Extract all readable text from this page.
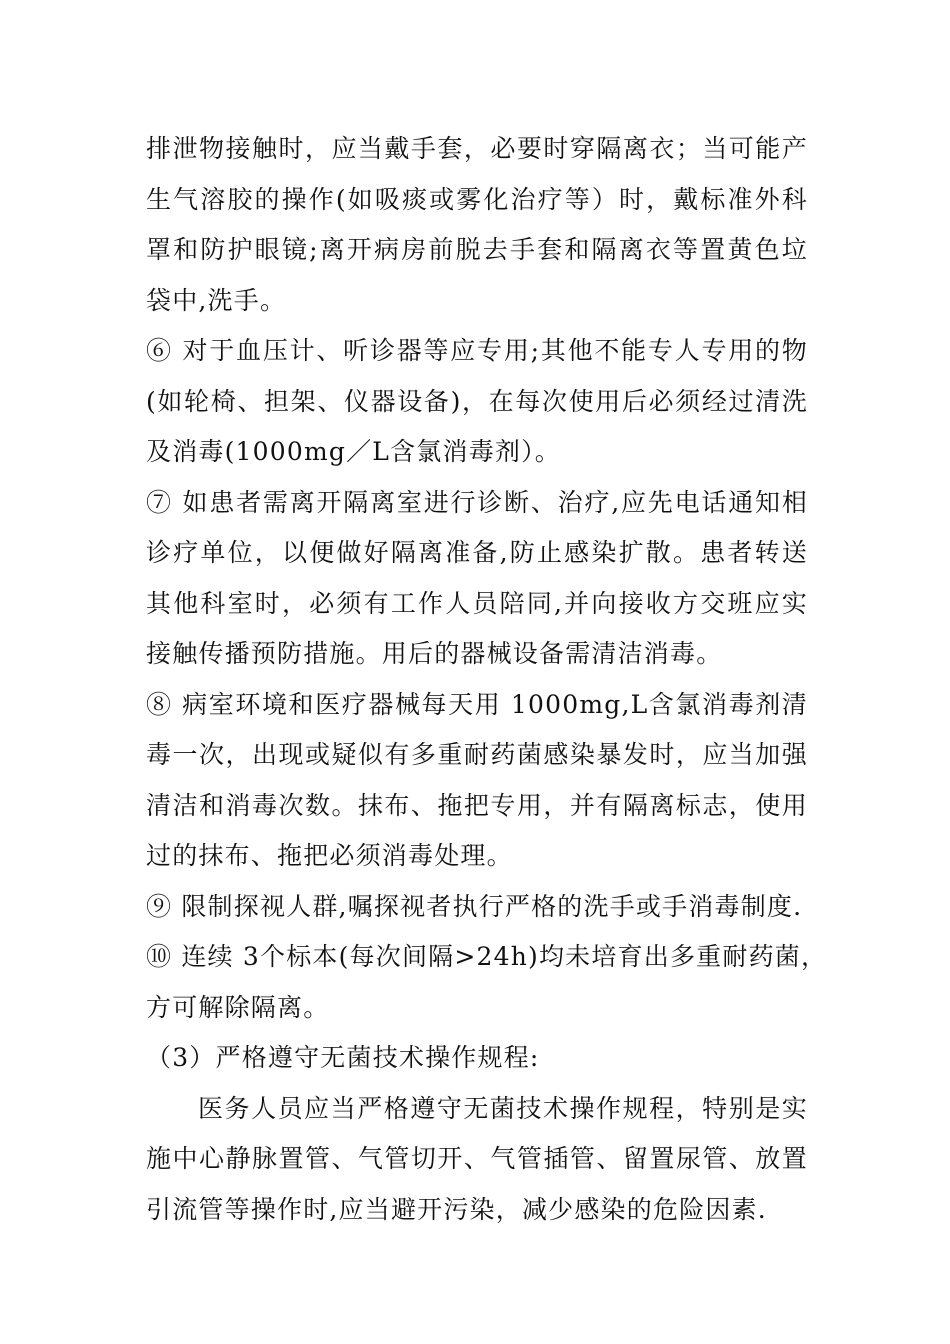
排泄物接触时，应当戴手套，必要时穿隔离衣；当可能产
生气溶胶的操作(如吸痰或雾化治疗等）时，戴标准外科
罩和防护眼镜;离开病房前脱去手套和隔离衣等置黄色垃
袋中,洗手。
⑥ 对于血压计、听诊器等应专用;其他不能专人专用的物
(如轮椅、担架、仪器设备)，在每次使用后必须经过清洗
及消毒(1000mg／L含氯消毒剂）。
⑦ 如患者需离开隔离室进行诊断、治疗,应先电话通知相
诊疗单位，以便做好隔离准备,防止感染扩散。患者转送
其他科室时，必须有工作人员陪同,并向接收方交班应实
接触传播预防措施。用后的器械设备需清洁消毒。
⑧ 病室环境和医疗器械每天用 1000mg,L含氯消毒剂清
毒一次，出现或疑似有多重耐药菌感染暴发时，应当加强
清洁和消毒次数。抹布、拖把专用，并有隔离标志，使用
过的抹布、拖把必须消毒处理。
⑨ 限制探视人群,嘱探视者执行严格的洗手或手消毒制度.
⑩ 连续 3个标本(每次间隔>24h)均未培育出多重耐药菌，
方可解除隔离。
（3）严格遵守无菌技术操作规程:
医务人员应当严格遵守无菌技术操作规程，特别是实
施中心静脉置管、气管切开、气管插管、留置尿管、放置
引流管等操作时,应当避开污染，减少感染的危险因素.
